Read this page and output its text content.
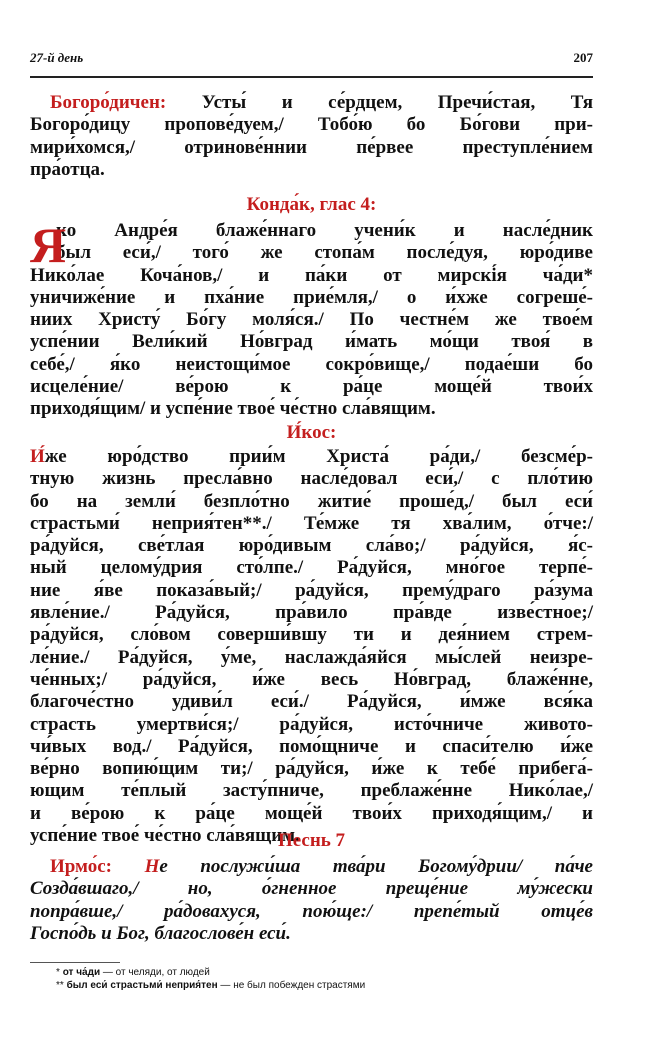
27-й день	207
Богоро́дичен: Усты́ и се́рдцем, Пречи́стая, Тя
Богоро́дицу пропове́дуем,/ Тобо́ю бо Бо́гови при-
мири́хомся,/ отринове́ннии пе́рвее преступле́нием
пра́отца.

Конда́к, глас 4:

Я
ко Андре́я блаже́ннаго учени́к и насле́дник
был еси́,/ того́ же стопа́м после́дуя, юро́диве
Нико́лае Коча́нов,/ и па́ки от мирскі́я ча́ди*
уничиже́ние и пха́ние прие́мля,/ о и́хже согреше́-
ниих Христу́ Бо́гу моля́ся./ По честне́м же твое́м
успе́нии Вели́кий Но́вград и́мать мо́щи твоя́ в
себе́,/ я́ко неистощи́мое сокро́вище,/ подае́ши бо
исцеле́ние/ ве́рою к ра́це моще́й твои́х
приходя́щим/ и успе́ние твое́ че́стно сла́вящим.

И́кос:

И́же юро́дство прии́м Христа́ ра́ди,/ безсме́р-
тную жизнь пресла́вно насле́довал еси́,/ с пло́тию
бо на земли́ безпло́тно житие́ проше́д,/ был еси́
страстьми́ неприя́тен**./ Те́мже тя хва́лим, о́тче:/
ра́дуйся, све́тлая юро́дивым сла́во;/ ра́дуйся, я́с-
ный целому́дрия сто́лпе./ Ра́дуйся, мно́гое терпе́-
ние я́ве показа́вый;/ ра́дуйся, прему́драго ра́зума
явле́ние./ Ра́дуйся, пра́вило пра́вде изве́стное;/
ра́дуйся, сло́вом соверши́вшу ти и дея́нием стрем-
ле́ние./ Ра́дуйся, у́ме, наслажда́яйся мы́слей неизре-
че́нных;/ ра́дуйся, и́же весь Но́вград, блаже́нне,
благоче́стно удиви́л еси́./ Ра́дуйся, и́мже вся́ка
страсть умертви́ся;/ ра́дуйся, исто́чниче живото-
чи́вых вод./ Ра́дуйся, помо́щниче и спаси́телю и́же
ве́рно вопию́щим ти;/ ра́дуйся, и́же к тебе́ прибега́-
ющим те́плый засту́пниче, преблаже́нне Нико́лае,/
и ве́рою к ра́це моще́й твои́х приходя́щим,/ и
успе́ние твое́ че́стно сла́вящим.

Песнь 7

Ирмо́с: Не послужи́ша тва́ри Богому́дрии/ па́че
Созда́вшаго,/ но, о́гненное преще́ние му́жески
попра́вше,/ ра́довахуся, пою́ще:/ препе́тый отце́в
Госпо́дь и Бог, благослове́н еси́.
* от ча́ди — от челяди, от людей
** был еси́ страстьми́ неприя́тен — не был побежден страстями
